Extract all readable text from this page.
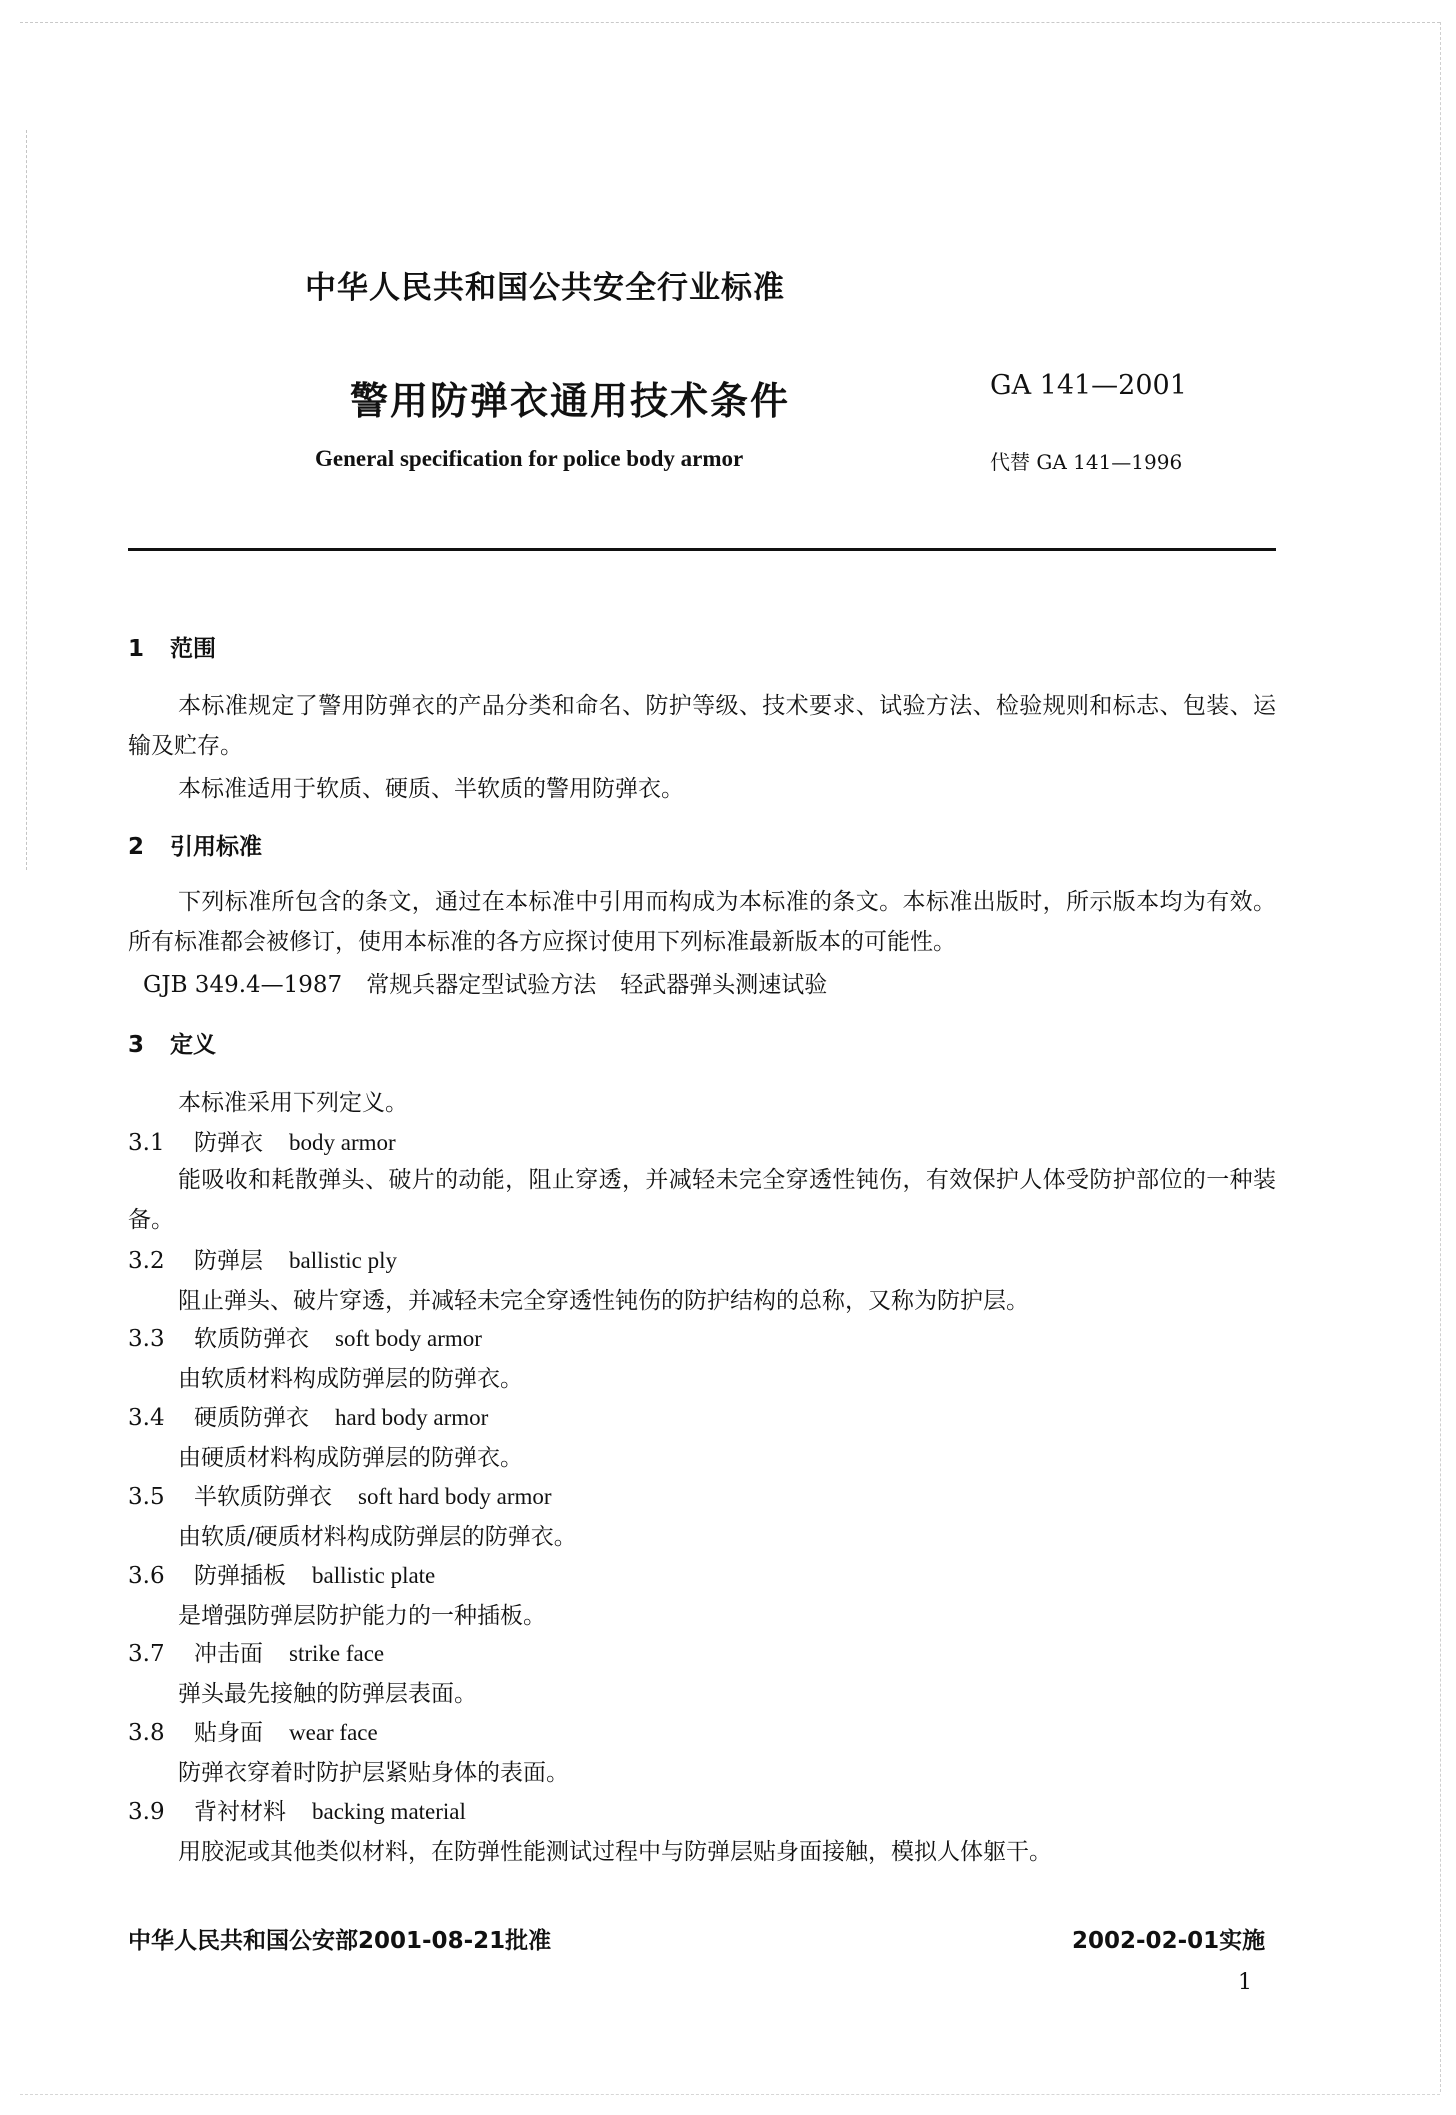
中华人民共和国公共安全行业标准
警用防弹衣通用技术条件	GA 141—2001
General specification for police body armor	代替 GA 141—1996
1 范围
本标准规定了警用防弹衣的产品分类和命名、防护等级、技术要求、试验方法、检验规则和标志、包装、运输及贮存。
本标准适用于软质、硬质、半软质的警用防弹衣。
2 引用标准
下列标准所包含的条文，通过在本标准中引用而构成为本标准的条文。本标准出版时，所示版本均为有效。所有标准都会被修订，使用本标准的各方应探讨使用下列标准最新版本的可能性。
GJB 349.4—1987 常规兵器定型试验方法 轻武器弹头测速试验
3 定义
本标准采用下列定义。
3.1 防弹衣 body armor
能吸收和耗散弹头、破片的动能，阻止穿透，并减轻未完全穿透性钝伤，有效保护人体受防护部位的一种装备。
3.2 防弹层 ballistic ply
阻止弹头、破片穿透，并减轻未完全穿透性钝伤的防护结构的总称，又称为防护层。
3.3 软质防弹衣 soft body armor
由软质材料构成防弹层的防弹衣。
3.4 硬质防弹衣 hard body armor
由硬质材料构成防弹层的防弹衣。
3.5 半软质防弹衣 soft hard body armor
由软质/硬质材料构成防弹层的防弹衣。
3.6 防弹插板 ballistic plate
是增强防弹层防护能力的一种插板。
3.7 冲击面 strike face
弹头最先接触的防弹层表面。
3.8 贴身面 wear face
防弹衣穿着时防护层紧贴身体的表面。
3.9 背衬材料 backing material
用胶泥或其他类似材料，在防弹性能测试过程中与防弹层贴身面接触，模拟人体躯干。
中华人民共和国公安部2001-08-21批准	2002-02-01实施
1
